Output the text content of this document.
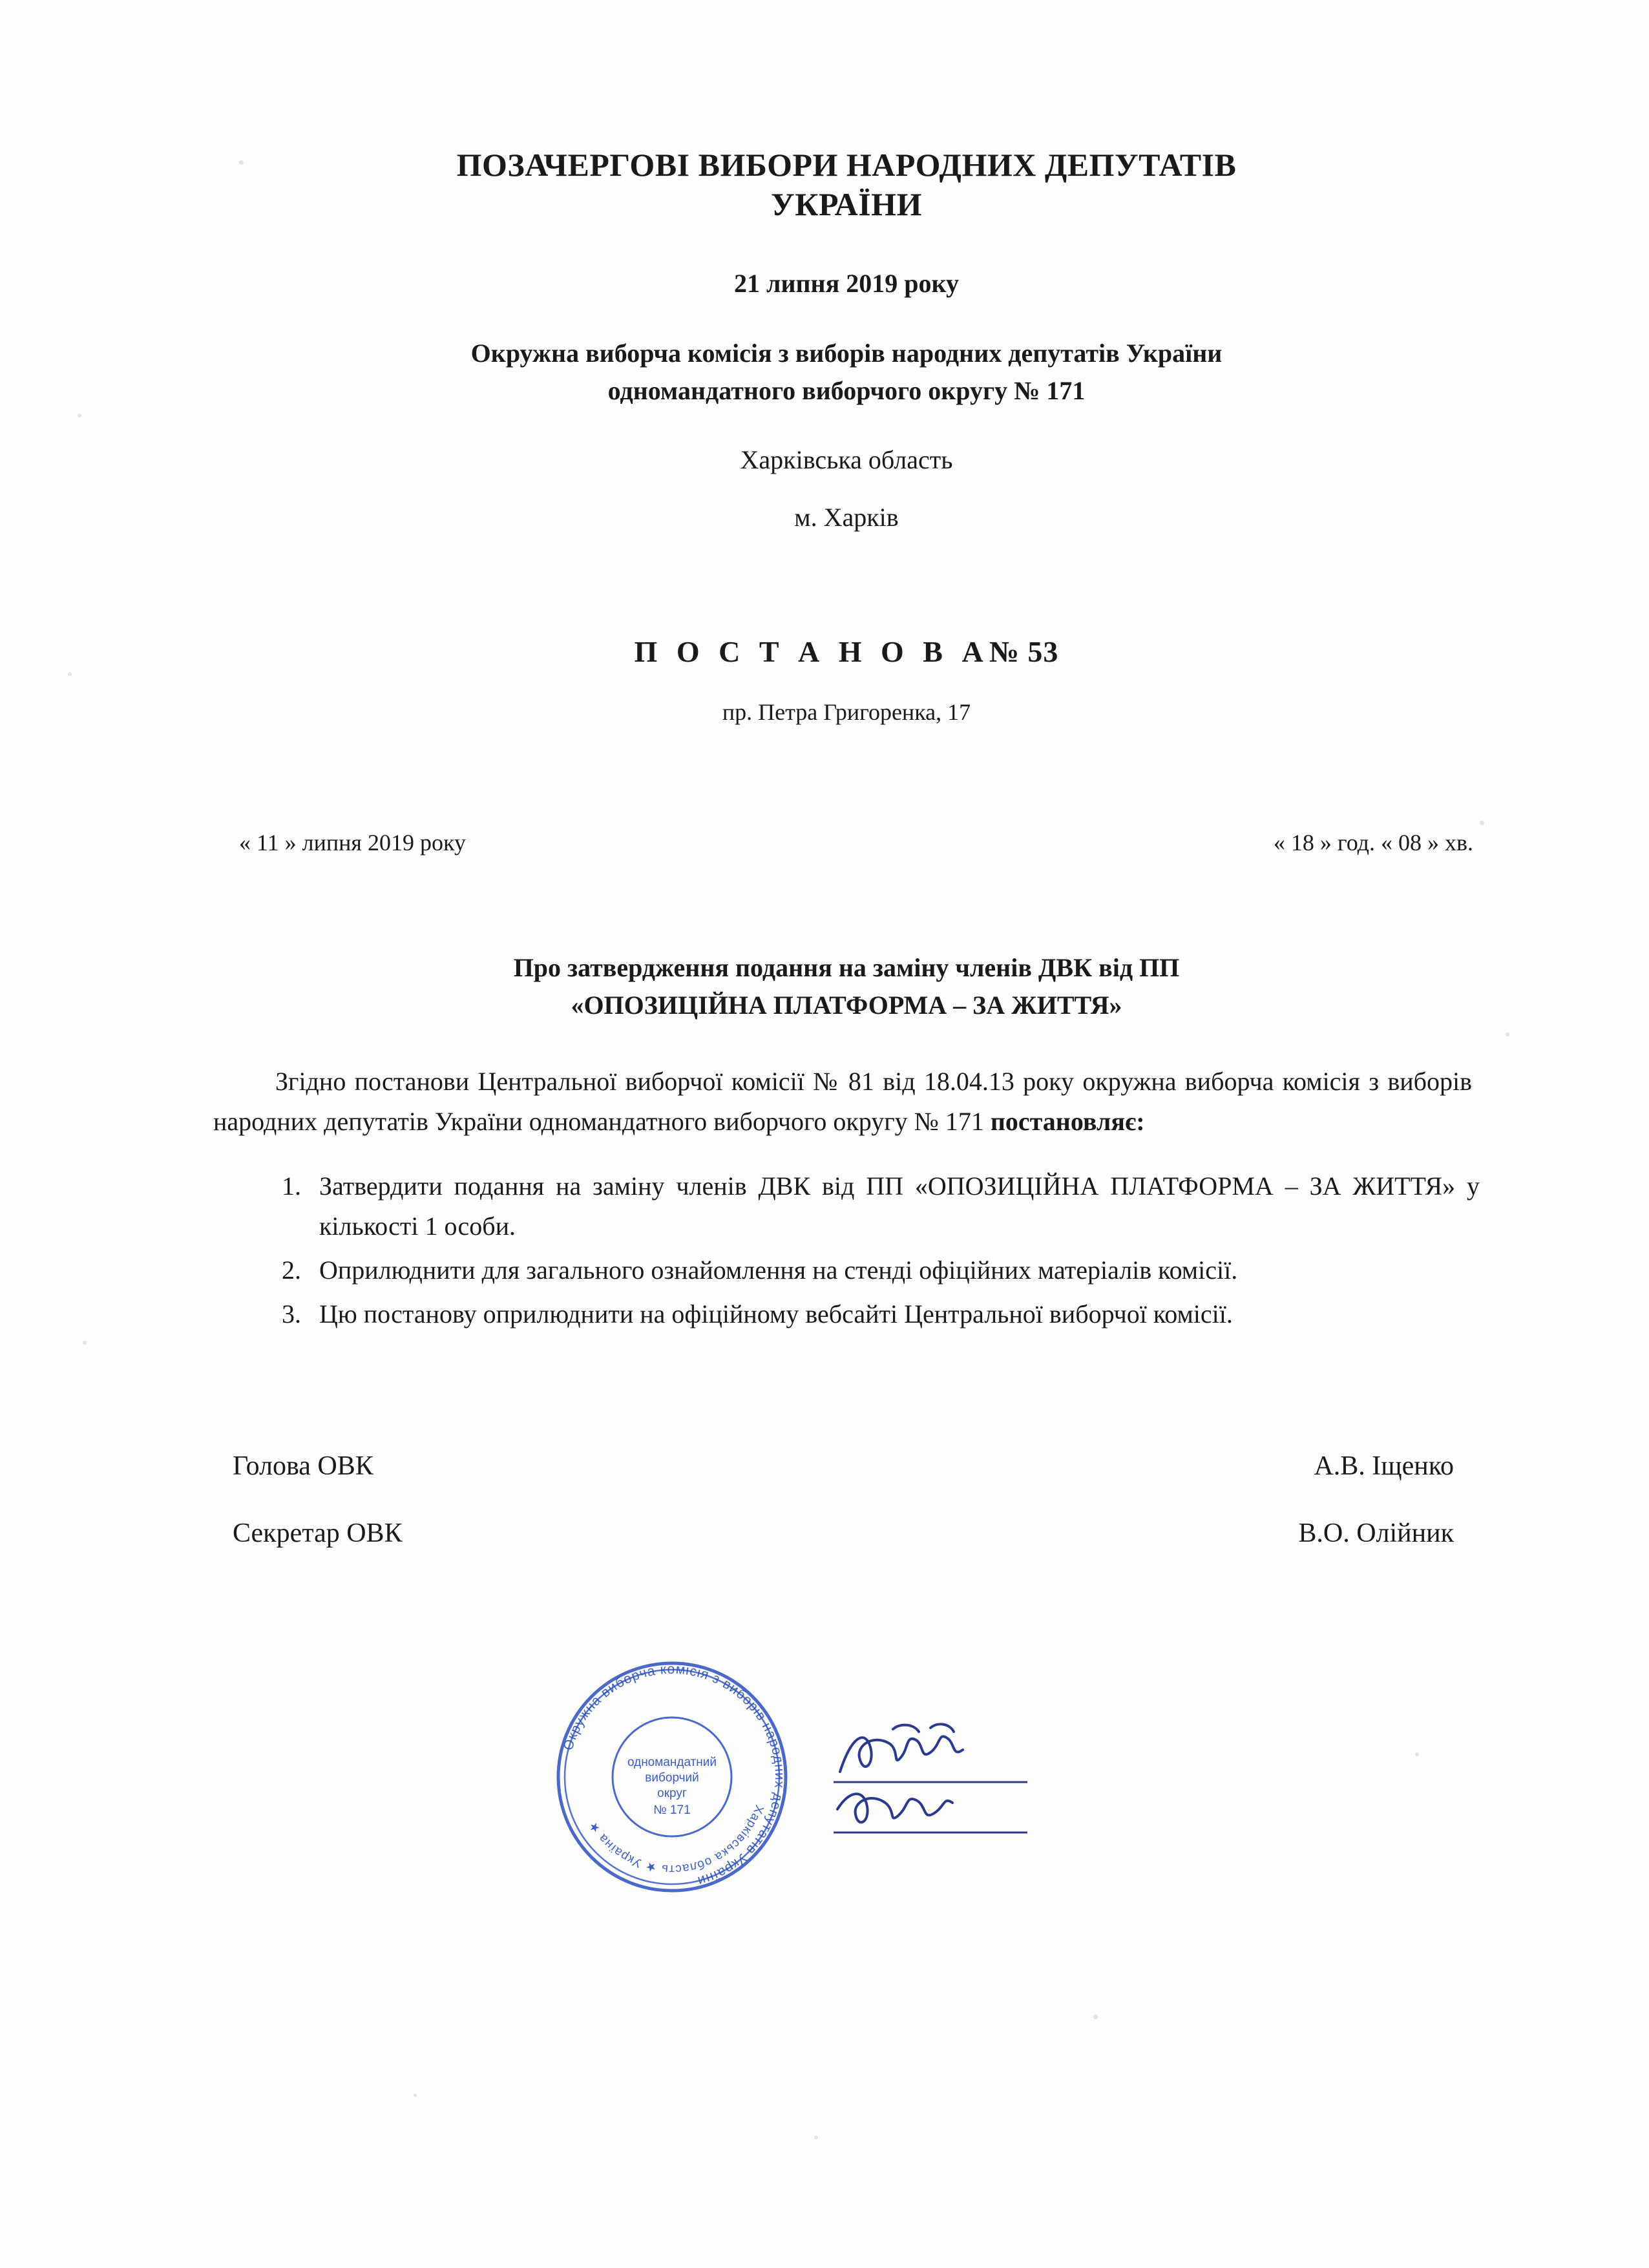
ПОЗАЧЕРГОВІ ВИБОРИ НАРОДНИХ ДЕПУТАТІВ
УКРАЇНИ
21 липня 2019 року
Окружна виборча комісія з виборів народних депутатів України
одномандатного виборчого округу № 171
Харківська область
м. Харків
П О С Т А Н О В А№ 53
пр. Петра Григоренка, 17
« 11 » липня 2019 року	« 18 » год. « 08 » хв.
Про затвердження подання на заміну членів ДВК від ПП
«ОПОЗИЦІЙНА ПЛАТФОРМА – ЗА ЖИТТЯ»
Згідно постанови Центральної виборчої комісії № 81 від 18.04.13 року окружна виборча комісія з виборів народних депутатів України одномандатного виборчого округу № 171 постановляє:
1. Затвердити подання на заміну членів ДВК від ПП «ОПОЗИЦІЙНА ПЛАТФОРМА – ЗА ЖИТТЯ» у кількості 1 особи.
2. Оприлюднити для загального ознайомлення на стенді офіційних матеріалів комісії.
3. Цю постанову оприлюднити на офіційному вебсайті Центральної виборчої комісії.
Голова ОВК	А.В. Іщенко
Секретар ОВК	В.О. Олійник
Окружна виборча комісія з виборів народних депутатів України
Харківська область ★ Україна ★
одномандатний
виборчий
округ
№ 171
